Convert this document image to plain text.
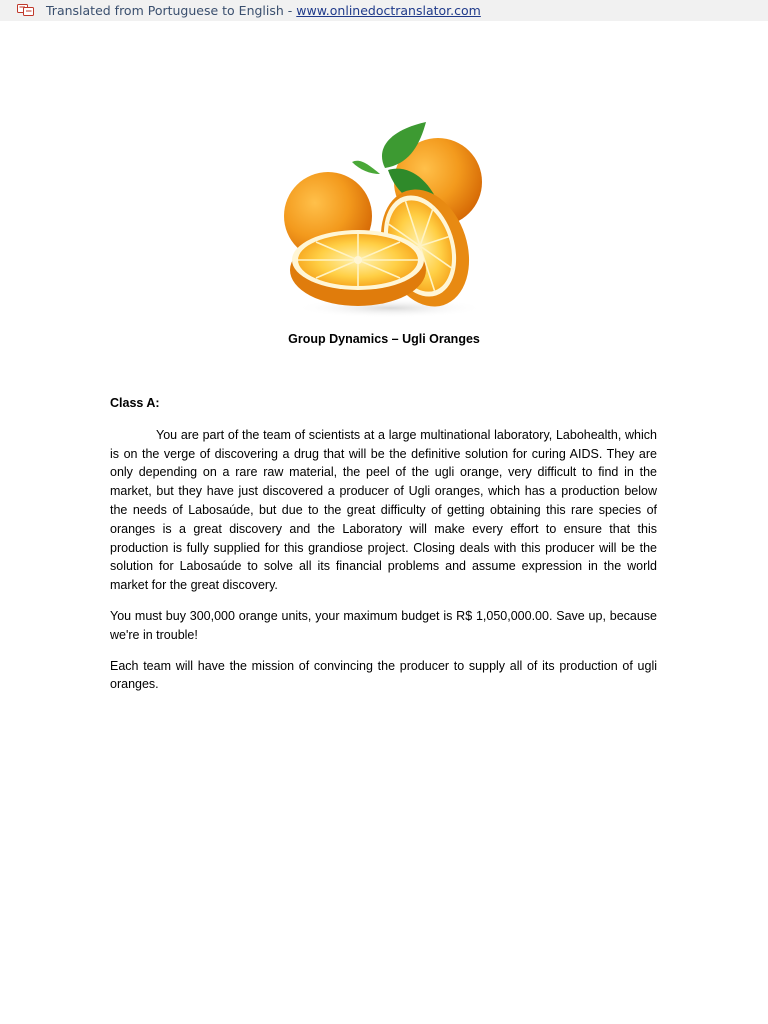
Translated from Portuguese to English - www.onlinedoctranslator.com
Group Dynamics – Ugli Oranges

Class A:

You are part of the team of scientists at a large multinational laboratory, Labohealth, which is on the verge of discovering a drug that will be the definitive solution for curing AIDS. They are only depending on a rare raw material, the peel of the ugli orange, very difficult to find in the market, but they have just discovered a producer of Ugli oranges, which has a production below the needs of Labosaúde, but due to the great difficulty of getting obtaining this rare species of oranges is a great discovery and the Laboratory will make every effort to ensure that this production is fully supplied for this grandiose project. Closing deals with this producer will be the solution for Labosaúde to solve all its financial problems and assume expression in the world market for the great discovery.

You must buy 300,000 orange units, your maximum budget is R$ 1,050,000.00. Save up, because we're in trouble!

Each team will have the mission of convincing the producer to supply all of its production of ugli oranges.
